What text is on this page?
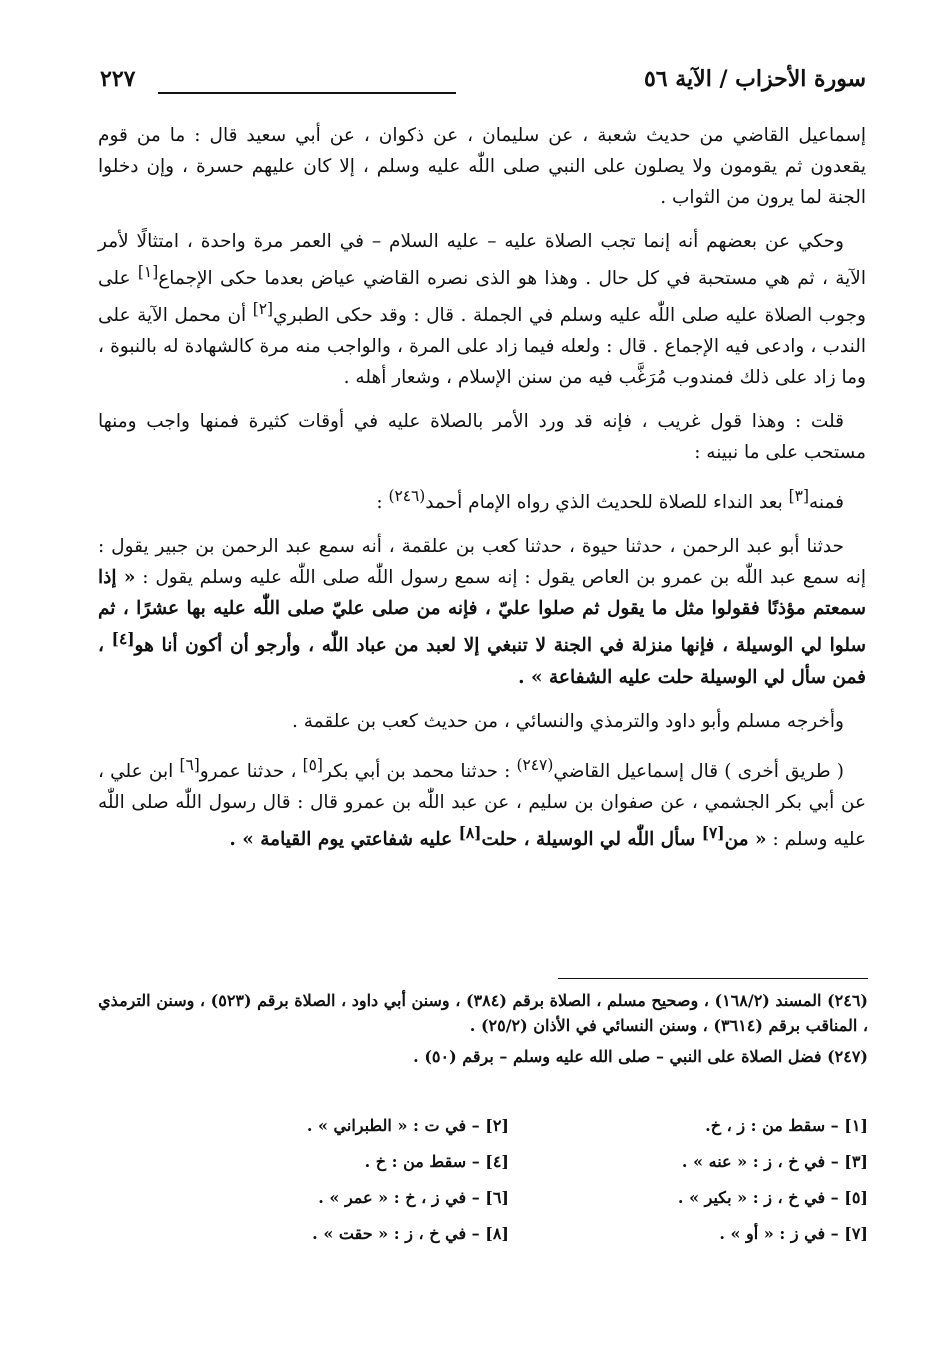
سورة الأحزاب / الآية ٥٦
٢٢٧

إسماعيل القاضي من حديث شعبة ، عن سليمان ، عن ذكوان ، عن أبي سعيد قال : ما من قوم يقعدون ثم يقومون ولا يصلون على النبي صلى اللّٰه عليه وسلم ، إلا كان عليهم حسرة ، وإن دخلوا الجنة لما يرون من الثواب .

وحكي عن بعضهم أنه إنما تجب الصلاة عليه – عليه السلام – في العمر مرة واحدة ، امتثالًا لأمر الآية ، ثم هي مستحبة في كل حال . وهذا هو الذى نصره القاضي عياض بعدما حكى الإجماع[١] على وجوب الصلاة عليه صلى اللّٰه عليه وسلم في الجملة . قال : وقد حكى الطبري[٢] أن محمل الآية على الندب ، وادعى فيه الإجماع . قال : ولعله فيما زاد على المرة ، والواجب منه مرة كالشهادة له بالنبوة ، وما زاد على ذلك فمندوب مُرَغَّب فيه من سنن الإسلام ، وشعار أهله .

قلت : وهذا قول غريب ، فإنه قد ورد الأمر بالصلاة عليه في أوقات كثيرة فمنها واجب ومنها مستحب على ما نبينه :

فمنه[٣] بعد النداء للصلاة للحديث الذي رواه الإمام أحمد$^{(٢٤٦)}$ :

حدثنا أبو عبد الرحمن ، حدثنا حيوة ، حدثنا كعب بن علقمة ، أنه سمع عبد الرحمن بن جبير يقول : إنه سمع عبد اللّٰه بن عمرو بن العاص يقول : إنه سمع رسول اللّٰه صلى اللّٰه عليه وسلم يقول : « إذا سمعتم مؤذنًا فقولوا مثل ما يقول ثم صلوا عليّ ، فإنه من صلى عليّ صلى اللّٰه عليه بها عشرًا ، ثم سلوا لي الوسيلة ، فإنها منزلة في الجنة لا تنبغي إلا لعبد من عباد اللّٰه ، وأرجو أن أكون أنا هو[٤] ، فمن سأل لي الوسيلة حلت عليه الشفاعة » .

وأخرجه مسلم وأبو داود والترمذي والنسائي ، من حديث كعب بن علقمة .

( طريق أخرى ) قال إسماعيل القاضي$^{(٢٤٧)}$ : حدثنا محمد بن أبي بكر[٥] ، حدثنا عمرو[٦] ابن علي ، عن أبي بكر الجشمي ، عن صفوان بن سليم ، عن عبد اللّٰه بن عمرو قال : قال رسول اللّٰه صلى اللّٰه عليه وسلم : « من[٧] سأل اللّٰه لي الوسيلة ، حلت[٨] عليه شفاعتي يوم القيامة » .

(٢٤٦) المسند (١٦٨/٢) ، وصحيح مسلم ، الصلاة برقم (٣٨٤) ، وسنن أبي داود ، الصلاة برقم (٥٢٣) ، وسنن الترمذي ، المناقب برقم (٣٦١٤) ، وسنن النسائي في الأذان (٢٥/٢) .

(٢٤٧) فضل الصلاة على النبي – صلى الله عليه وسلم – برقم (٥٠) .

[١] – سقط من : ز ، خ.
[٢] – في ت : « الطبراني » .
[٣] – في خ ، ز : « عنه » .
[٤] – سقط من : خ .
[٥] – في خ ، ز : « بكير » .
[٦] – في ز ، خ : « عمر » .
[٧] – في ز : « أو » .
[٨] – في خ ، ز : « حقت » .
